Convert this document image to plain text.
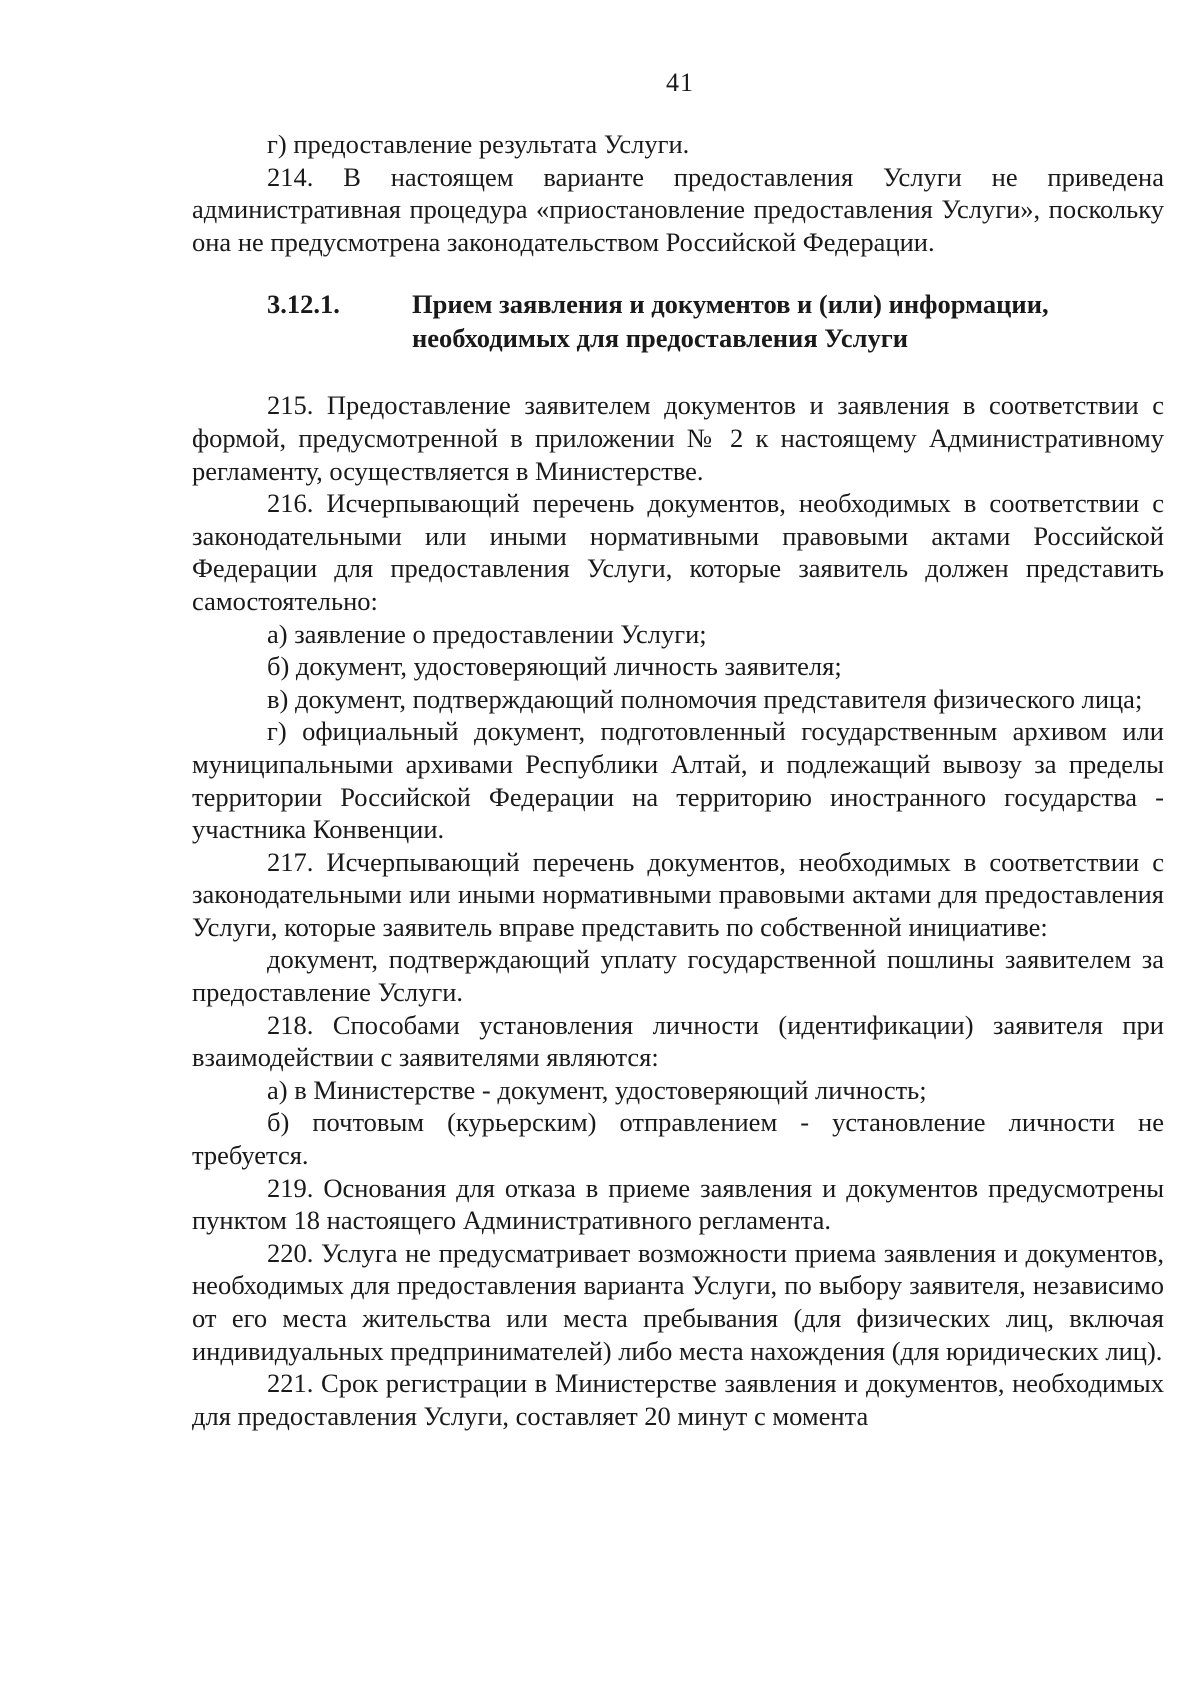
41

г) предоставление результата Услуги.

214. В настоящем варианте предоставления Услуги не приведена административная процедура «приостановление предоставления Услуги», поскольку она не предусмотрена законодательством Российской Федерации.

3.12.1.	Прием заявления и документов и (или) информации,
необходимых для предоставления Услуги

215. Предоставление заявителем документов и заявления в соответствии с формой, предусмотренной в приложении № 2 к настоящему Административному регламенту, осуществляется в Министерстве.

216. Исчерпывающий перечень документов, необходимых в соответствии с законодательными или иными нормативными правовыми актами Российской Федерации для предоставления Услуги, которые заявитель должен представить самостоятельно:

а) заявление о предоставлении Услуги;

б) документ, удостоверяющий личность заявителя;

в) документ, подтверждающий полномочия представителя физического лица;

г) официальный документ, подготовленный государственным архивом или муниципальными архивами Республики Алтай, и подлежащий вывозу за пределы территории Российской Федерации на территорию иностранного государства - участника Конвенции.

217. Исчерпывающий перечень документов, необходимых в соответствии с законодательными или иными нормативными правовыми актами для предоставления Услуги, которые заявитель вправе представить по собственной инициативе:

документ, подтверждающий уплату государственной пошлины заявителем за предоставление Услуги.

218. Способами установления личности (идентификации) заявителя при взаимодействии с заявителями являются:

а) в Министерстве - документ, удостоверяющий личность;

б) почтовым (курьерским) отправлением - установление личности не требуется.

219. Основания для отказа в приеме заявления и документов предусмотрены пунктом 18 настоящего Административного регламента.

220. Услуга не предусматривает возможности приема заявления и документов, необходимых для предоставления варианта Услуги, по выбору заявителя, независимо от его места жительства или места пребывания (для физических лиц, включая индивидуальных предпринимателей) либо места нахождения (для юридических лиц).

221. Срок регистрации в Министерстве заявления и документов, необходимых для предоставления Услуги, составляет 20 минут с момента
